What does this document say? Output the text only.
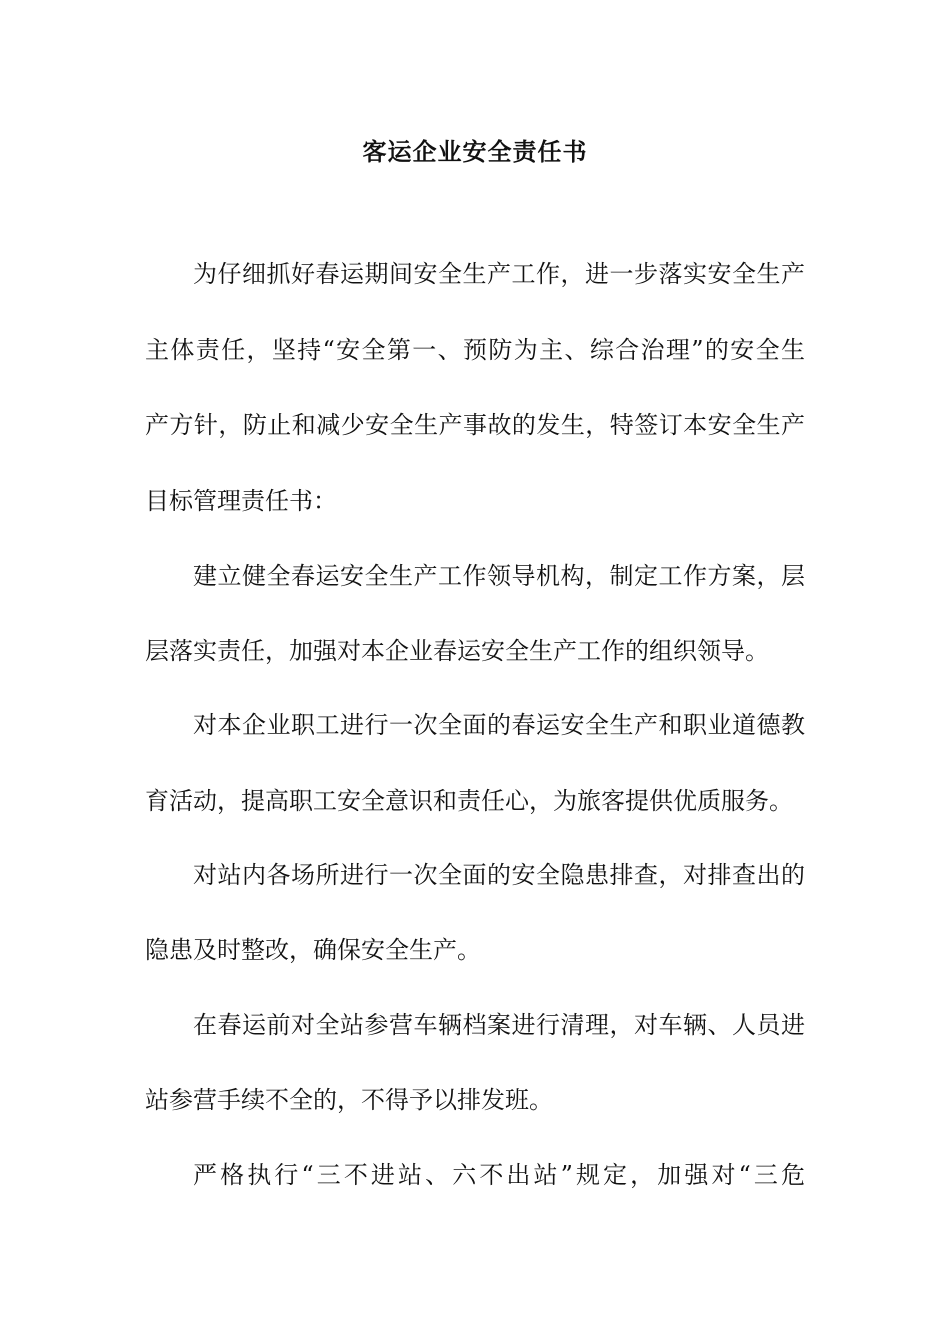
客运企业安全责任书

为仔细抓好春运期间安全生产工作，进一步落实安全生产

主体责任，坚持“安全第一、预防为主、综合治理”的安全生

产方针，防止和减少安全生产事故的发生，特签订本安全生产

目标管理责任书：

建立健全春运安全生产工作领导机构，制定工作方案，层

层落实责任，加强对本企业春运安全生产工作的组织领导。

对本企业职工进行一次全面的春运安全生产和职业道德教

育活动，提高职工安全意识和责任心，为旅客提供优质服务。

对站内各场所进行一次全面的安全隐患排查，对排查出的

隐患及时整改，确保安全生产。

在春运前对全站参营车辆档案进行清理，对车辆、人员进

站参营手续不全的，不得予以排发班。

严格执行“三不进站、六不出站”规定，加强对“三危
